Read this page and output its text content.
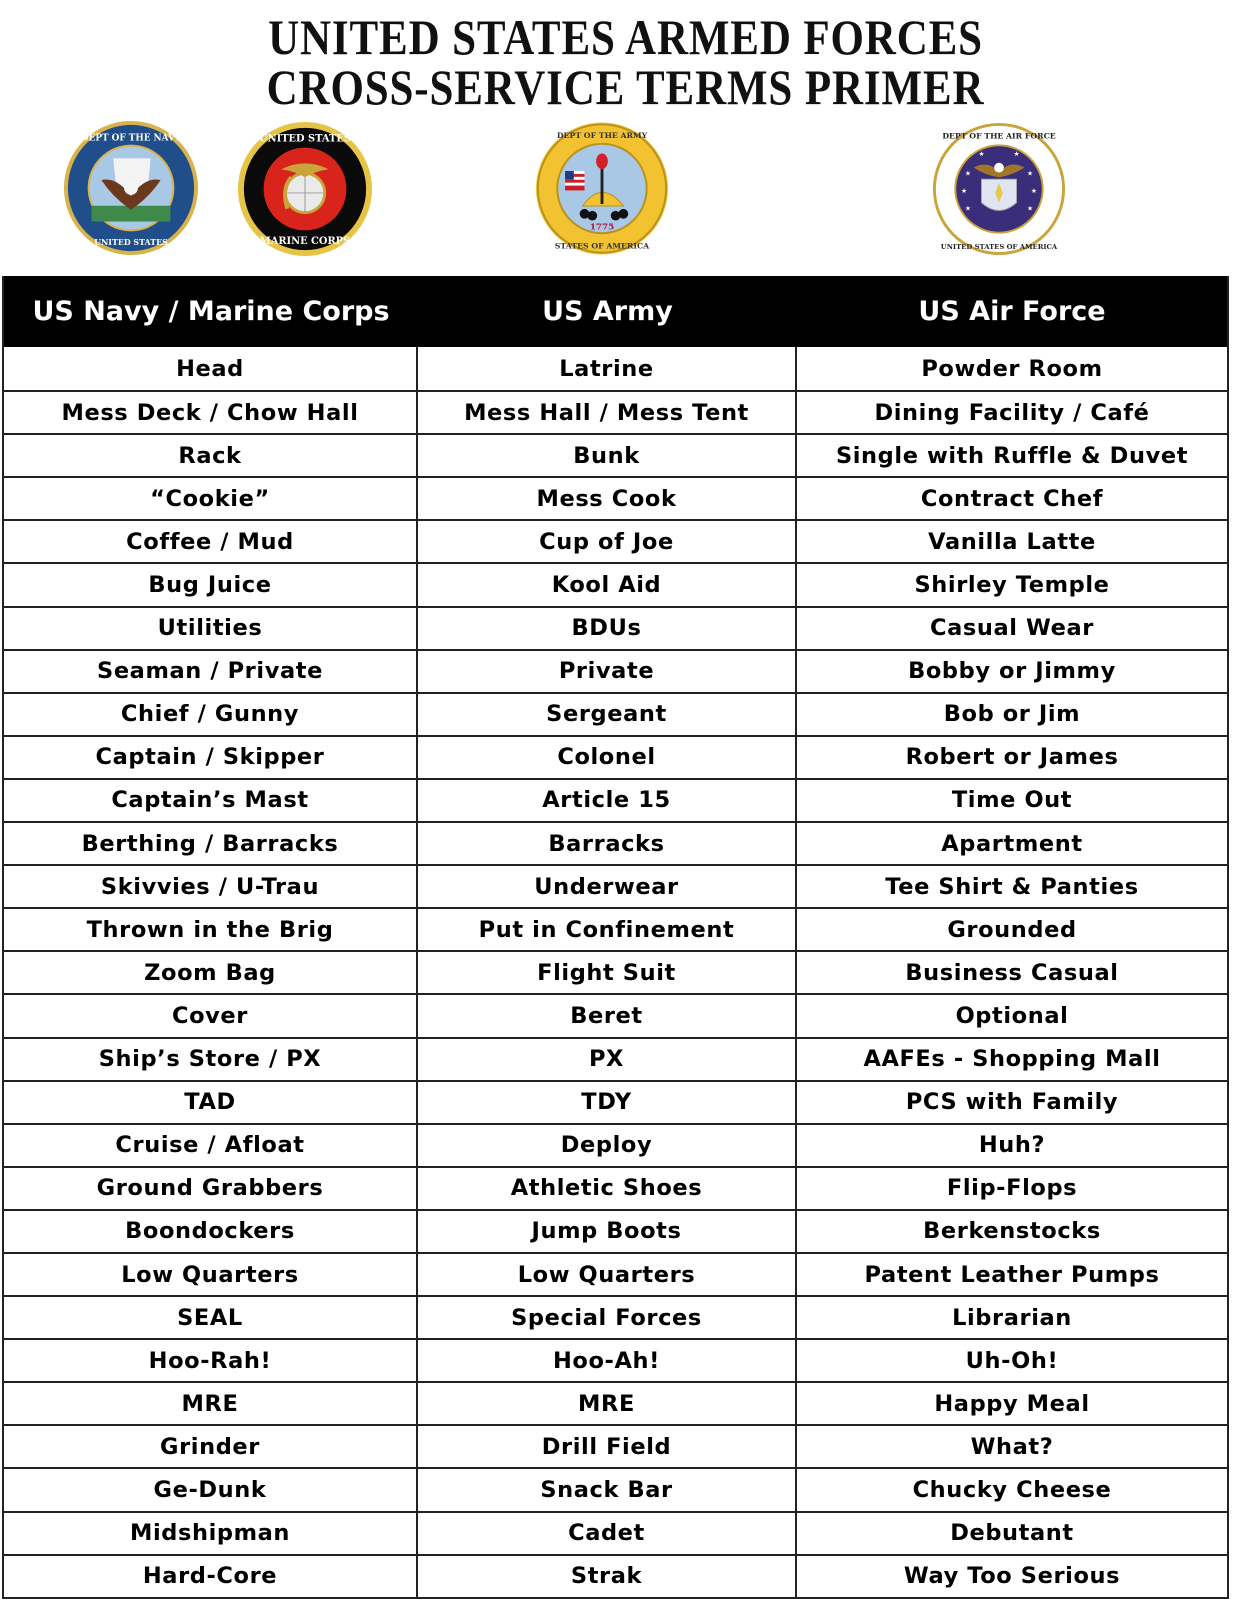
UNITED STATES ARMED FORCES
CROSS-SERVICE TERMS PRIMER
DEPT OF THE NAVY
UNITED STATES
UNITED STATES
MARINE CORPS
1775
DEPT OF THE ARMY
STATES OF AMERICA
★	★
★	★
★	★
★	★
DEPT OF THE AIR FORCE
UNITED STATES OF AMERICA
US Navy / Marine Corps	US Army	US Air Force
Head	Latrine	Powder Room
Mess Deck / Chow Hall	Mess Hall / Mess Tent	Dining Facility / Café
Rack	Bunk	Single with Ruffle & Duvet
“Cookie”	Mess Cook	Contract Chef
Coffee / Mud	Cup of Joe	Vanilla Latte
Bug Juice	Kool Aid	Shirley Temple
Utilities	BDUs	Casual Wear
Seaman / Private	Private	Bobby or Jimmy
Chief / Gunny	Sergeant	Bob or Jim
Captain / Skipper	Colonel	Robert or James
Captain’s Mast	Article 15	Time Out
Berthing / Barracks	Barracks	Apartment
Skivvies / U-Trau	Underwear	Tee Shirt & Panties
Thrown in the Brig	Put in Confinement	Grounded
Zoom Bag	Flight Suit	Business Casual
Cover	Beret	Optional
Ship’s Store / PX	PX	AAFEs - Shopping Mall
TAD	TDY	PCS with Family
Cruise / Afloat	Deploy	Huh?
Ground Grabbers	Athletic Shoes	Flip-Flops
Boondockers	Jump Boots	Berkenstocks
Low Quarters	Low Quarters	Patent Leather Pumps
SEAL	Special Forces	Librarian
Hoo-Rah!	Hoo-Ah!	Uh-Oh!
MRE	MRE	Happy Meal
Grinder	Drill Field	What?
Ge-Dunk	Snack Bar	Chucky Cheese
Midshipman	Cadet	Debutant
Hard-Core	Strak	Way Too Serious
